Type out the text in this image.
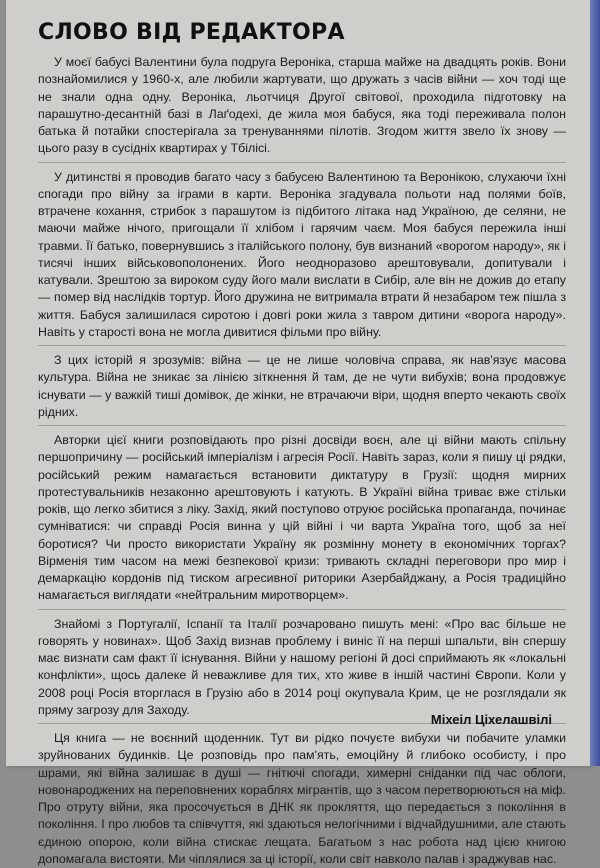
СЛОВО ВІД РЕДАКТОРА

У моєї бабусі Валентини була подруга Вероніка, старша майже на двадцять років. Вони познайомилися у 1960-х, але любили жартувати, що дружать з часів війни — хоч тоді ще не знали одна одну. Вероніка, льотчиця Другої світової, проходила підготовку на парашутно-десантній базі в Лаґодехі, де жила моя бабуся, яка тоді переживала полон батька й потайки спостерігала за тренуваннями пілотів. Згодом життя звело їх знову — цього разу в сусідніх квартирах у Тбілісі.

У дитинстві я проводив багато часу з бабусею Валентиною та Веронікою, слухаючи їхні спогади про війну за іграми в карти. Вероніка згадувала польоти над полями боїв, втрачене кохання, стрибок з парашутом із підбитого літака над Україною, де селяни, не маючи майже нічого, пригощали її хлібом і гарячим чаєм. Моя бабуся пережила інші травми. Її батько, повернувшись з італійського полону, був визнаний «ворогом народу», як і тисячі інших військовополонених. Його неодноразово арештовували, допитували і катували. Зрештою за вироком суду його мали вислати в Сибір, але він не дожив до етапу — помер від наслідків тортур. Його дружина не витримала втрати й незабаром теж пішла з життя. Бабуся залишилася сиротою і довгі роки жила з тавром дитини «ворога народу». Навіть у старості вона не могла дивитися фільми про війну.

З цих історій я зрозумів: війна — це не лише чоловіча справа, як нав'язує масова культура. Війна не зникає за лінією зіткнення й там, де не чути вибухів; вона продовжує існувати — у важкій тиші домівок, де жінки, не втрачаючи віри, щодня вперто чекають своїх рідних.

Авторки цієї книги розповідають про різні досвіди воєн, але ці війни мають спільну першопричину — російський імперіалізм і агресія Росії. Навіть зараз, коли я пишу ці рядки, російський режим намагається встановити диктатуру в Грузії: щодня мирних протестувальників незаконно арештовують і катують. В Україні війна триває вже стільки років, що легко збитися з ліку. Захід, який поступово отруює російська пропаганда, починає сумніватися: чи справді Росія винна у цій війні і чи варта Україна того, щоб за неї боротися? Чи просто використати Україну як розмінну монету в економічних торгах? Вірменія тим часом на межі безпекової кризи: тривають складні переговори про мир і демаркацію кордонів під тиском агресивної риторики Азербайджану, а Росія традиційно намагається виглядати «нейтральним миротворцем».

Знайомі з Португалії, Іспанії та Італії розчаровано пишуть мені: «Про вас більше не говорять у новинах». Щоб Захід визнав проблему і виніс її на перші шпальти, він спершу має визнати сам факт її існування. Війни у нашому регіоні й досі сприймають як «локальні конфлікти», щось далеке й неважливе для тих, хто живе в іншій частині Європи. Коли у 2008 році Росія вторглася в Грузію або в 2014 році окупувала Крим, це не розглядали як пряму загрозу для Заходу.

Ця книга — не воєнний щоденник. Тут ви рідко почуєте вибухи чи побачите уламки зруйнованих будинків. Це розповідь про пам'ять, емоційну й глибоко особисту, і про шрами, які війна залишає в душі — гнітючі спогади, химерні сніданки під час облоги, новонароджених на переповнених кораблях мігрантів, що з часом перетворюються на міф. Про отруту війни, яка просочується в ДНК як прокляття, що передається з покоління в покоління. І про любов та співчуття, які здаються нелогічними і відчайдушними, але стають єдиною опорою, коли війна стискає лещата. Багатьом з нас робота над цією книгою допомагала вистояти. Ми чіплялися за ці історії, коли світ навколо палав і зраджував нас.

Міхеіл Ціхелашвілі
